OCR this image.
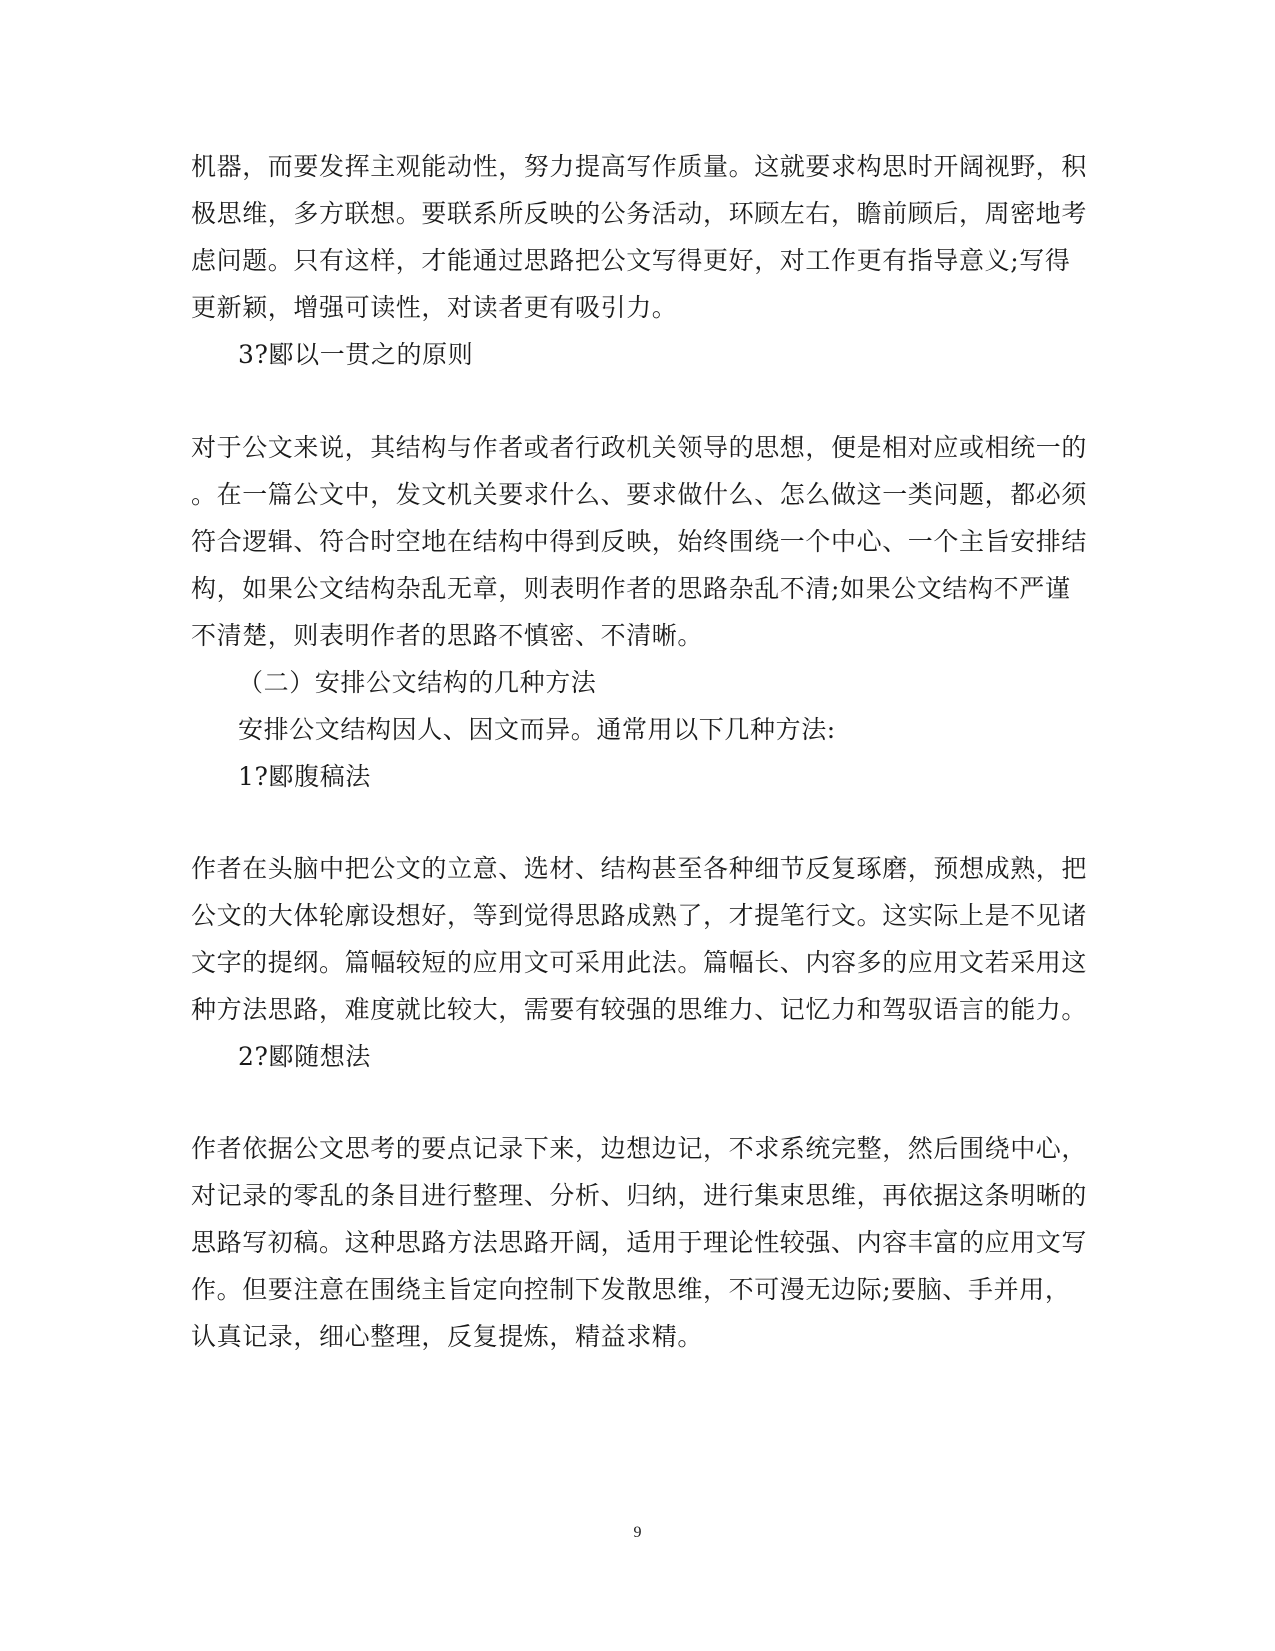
机器，而要发挥主观能动性，努力提高写作质量。这就要求构思时开阔视野，积
极思维，多方联想。要联系所反映的公务活动，环顾左右，瞻前顾后，周密地考
虑问题。只有这样，才能通过思路把公文写得更好，对工作更有指导意义;写得
更新颖，增强可读性，对读者更有吸引力。
3?郾以一贯之的原则
对于公文来说，其结构与作者或者行政机关领导的思想，便是相对应或相统一的
。在一篇公文中，发文机关要求什么、要求做什么、怎么做这一类问题，都必须
符合逻辑、符合时空地在结构中得到反映，始终围绕一个中心、一个主旨安排结
构，如果公文结构杂乱无章，则表明作者的思路杂乱不清;如果公文结构不严谨
不清楚，则表明作者的思路不慎密、不清晰。
（二）安排公文结构的几种方法
安排公文结构因人、因文而异。通常用以下几种方法:
1?郾腹稿法
作者在头脑中把公文的立意、选材、结构甚至各种细节反复琢磨，预想成熟，把
公文的大体轮廓设想好，等到觉得思路成熟了，才提笔行文。这实际上是不见诸
文字的提纲。篇幅较短的应用文可采用此法。篇幅长、内容多的应用文若采用这
种方法思路，难度就比较大，需要有较强的思维力、记忆力和驾驭语言的能力。
2?郾随想法
作者依据公文思考的要点记录下来，边想边记，不求系统完整，然后围绕中心，
对记录的零乱的条目进行整理、分析、归纳，进行集束思维，再依据这条明晰的
思路写初稿。这种思路方法思路开阔，适用于理论性较强、内容丰富的应用文写
作。但要注意在围绕主旨定向控制下发散思维，不可漫无边际;要脑、手并用，
认真记录，细心整理，反复提炼，精益求精。
9
